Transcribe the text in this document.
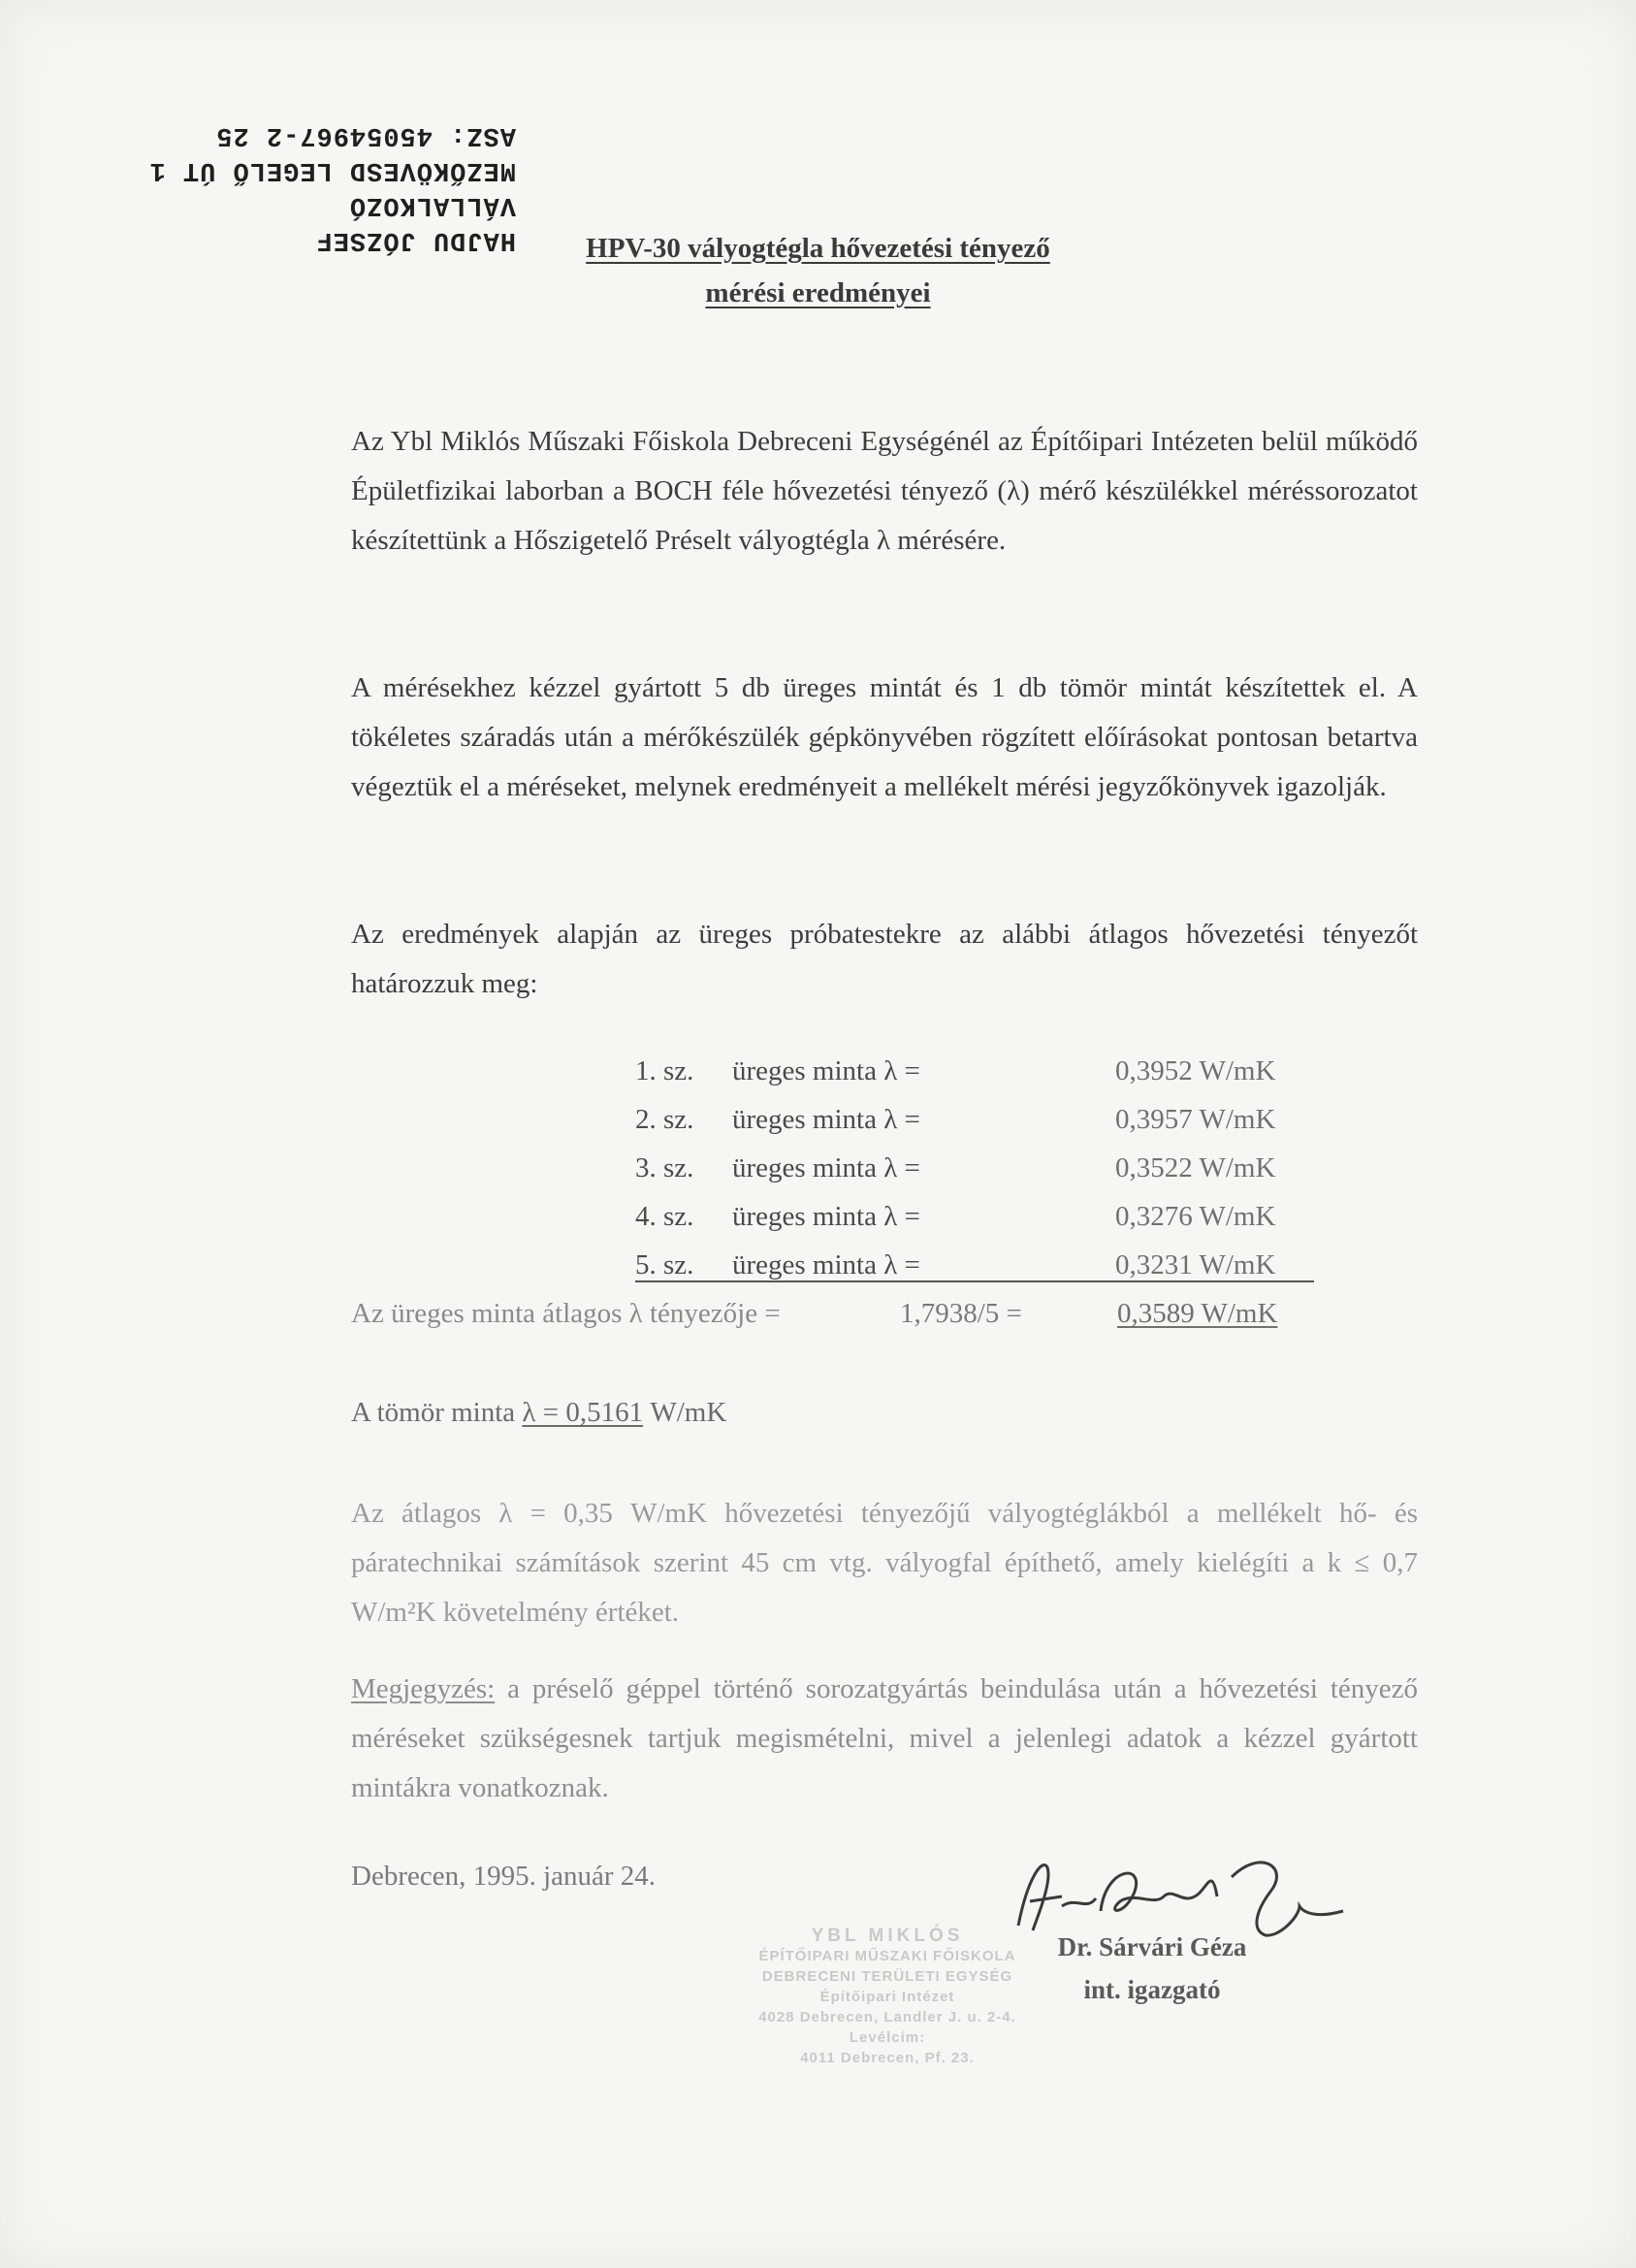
HAJDU JÓZSEF
VÁLLALKOZÓ
MEZŐKÖVESD LEGELŐ ÚT 1
ASZ: 45054967-2 25
HPV-30 vályogtégla hővezetési tényező
mérési eredményei
Az Ybl Miklós Műszaki Főiskola Debreceni Egységénél az Építőipari Intézeten belül működő Épületfizikai laborban a BOCH féle hővezetési tényező (λ) mérő készülékkel méréssorozatot készítettünk a Hőszigetelő Préselt vályogtégla λ mérésére.
A mérésekhez kézzel gyártott 5 db üreges mintát és 1 db tömör mintát készítettek el. A tökéletes száradás után a mérőkészülék gépkönyvében rögzített előírásokat pontosan betartva végeztük el a méréseket, melynek eredményeit a mellékelt mérési jegyzőkönyvek igazolják.
Az eredmények alapján az üreges próbatestekre az alábbi átlagos hővezetési tényezőt határozzuk meg:
1. sz.	üreges minta λ =	0,3952 W/mK
2. sz.	üreges minta λ =	0,3957 W/mK
3. sz.	üreges minta λ =	0,3522 W/mK
4. sz.	üreges minta λ =	0,3276 W/mK
5. sz.	üreges minta λ =	0,3231 W/mK
Az üreges minta átlagos λ tényezője =	1,7938/5 =	0,3589 W/mK
A tömör minta λ = 0,5161 W/mK
Az átlagos λ = 0,35 W/mK hővezetési tényezőjű vályogtéglákból a mellékelt hő- és páratechnikai számítások szerint 45 cm vtg. vályogfal építhető, amely kielégíti a k ≤ 0,7 W/m²K követelmény értéket.
Megjegyzés: a préselő géppel történő sorozatgyártás beindulása után a hővezetési tényező méréseket szükségesnek tartjuk megismételni, mivel a jelenlegi adatok a kézzel gyártott mintákra vonatkoznak.
Debrecen, 1995. január 24.
YBL MIKLÓS
ÉPÍTŐIPARI MŰSZAKI FŐISKOLA
DEBRECENI TERÜLETI EGYSÉG
Építőipari Intézet
4028 Debrecen, Landler J. u. 2-4.
Levélcím:
4011 Debrecen, Pf. 23.
Dr. Sárvári Géza
int. igazgató
